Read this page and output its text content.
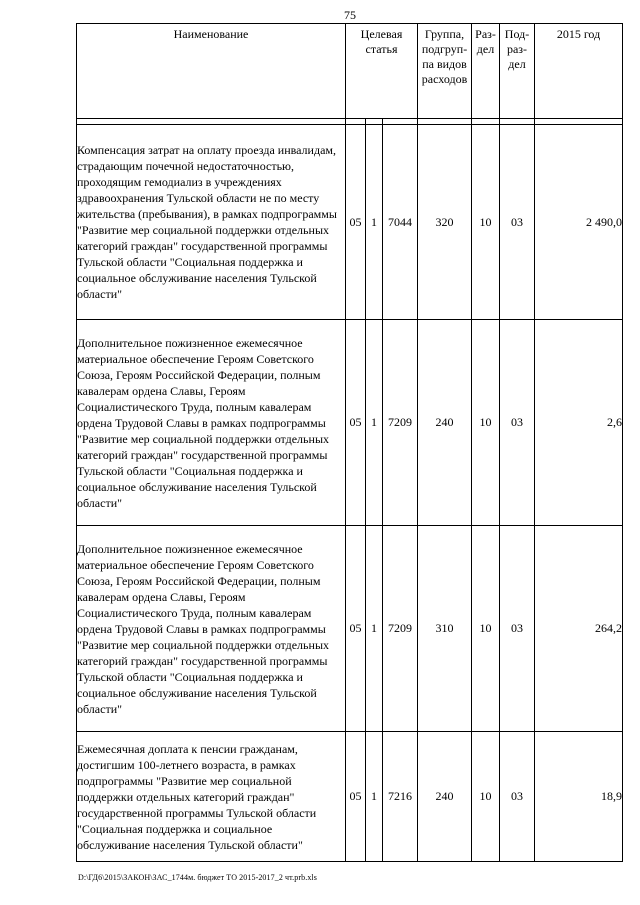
75
Наименование	Целевая статья			Группа, подгруп-па видов расходов	Раз-дел	Под-раз-дел	2015 год

Компенсация затрат на оплату проезда инвалидам, страдающим почечной недостаточностью, проходящим гемодиализ в учреждениях здравоохранения Тульской области не по месту жительства (пребывания), в рамках подпрограммы "Развитие мер социальной поддержки отдельных категорий граждан" государственной программы Тульской области "Социальная поддержка и социальное обслуживание населения Тульской области"	05	1	7044	320	10	03	2 490,0
Дополнительное пожизненное ежемесячное материальное обеспечение Героям Советского Союза, Героям Российской Федерации, полным кавалерам ордена Славы, Героям Социалистического Труда, полным кавалерам ордена Трудовой Славы в рамках подпрограммы "Развитие мер социальной поддержки отдельных категорий граждан" государственной программы Тульской области "Социальная поддержка и социальное обслуживание населения Тульской области"	05	1	7209	240	10	03	2,6
Дополнительное пожизненное ежемесячное материальное обеспечение Героям Советского Союза, Героям Российской Федерации, полным кавалерам ордена Славы, Героям Социалистического Труда, полным кавалерам ордена Трудовой Славы в рамках подпрограммы "Развитие мер социальной поддержки отдельных категорий граждан" государственной программы Тульской области "Социальная поддержка и социальное обслуживание населения Тульской области"	05	1	7209	310	10	03	264,2
Ежемесячная доплата к пенсии гражданам, достигшим 100-летнего возраста, в рамках подпрограммы "Развитие мер социальной поддержки отдельных категорий граждан" государственной программы Тульской области "Социальная поддержка и социальное обслуживание населения Тульской области"	05	1	7216	240	10	03	18,9
D:\ГД6\2015\ЗАКОН\ЗАС_1744м. бюджет ТО 2015-2017_2 чт.prb.xls
